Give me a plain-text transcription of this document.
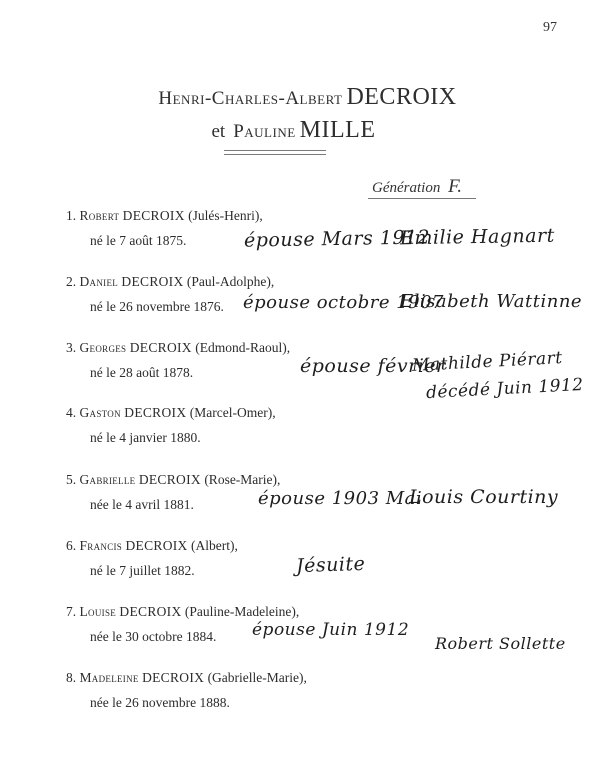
97
Henri-Charles-Albert DECROIX
et Pauline MILLE
Génération F.
1. Robert DECROIX (Julés-Henri),
né le 7 août 1875.
2. Daniel DECROIX (Paul-Adolphe),
né le 26 novembre 1876.
3. Georges DECROIX (Edmond-Raoul),
né le 28 août 1878.
4. Gaston DECROIX (Marcel-Omer),
né le 4 janvier 1880.
5. Gabrielle DECROIX (Rose-Marie),
née le 4 avril 1881.
6. Francis DECROIX (Albert),
né le 7 juillet 1882.
7. Louise DECROIX (Pauline-Madeleine),
née le 30 octobre 1884.
8. Madeleine DECROIX (Gabrielle-Marie),
née le 26 novembre 1888.
épouse Mars 1912
Emilie Hagnart
épouse octobre 1907
Elisabeth Wattinne
épouse février
Mathilde Piérart
décédé Juin 1912
épouse 1903 Mai
Louis Courtiny
Jésuite
épouse Juin 1912
Robert Sollette
